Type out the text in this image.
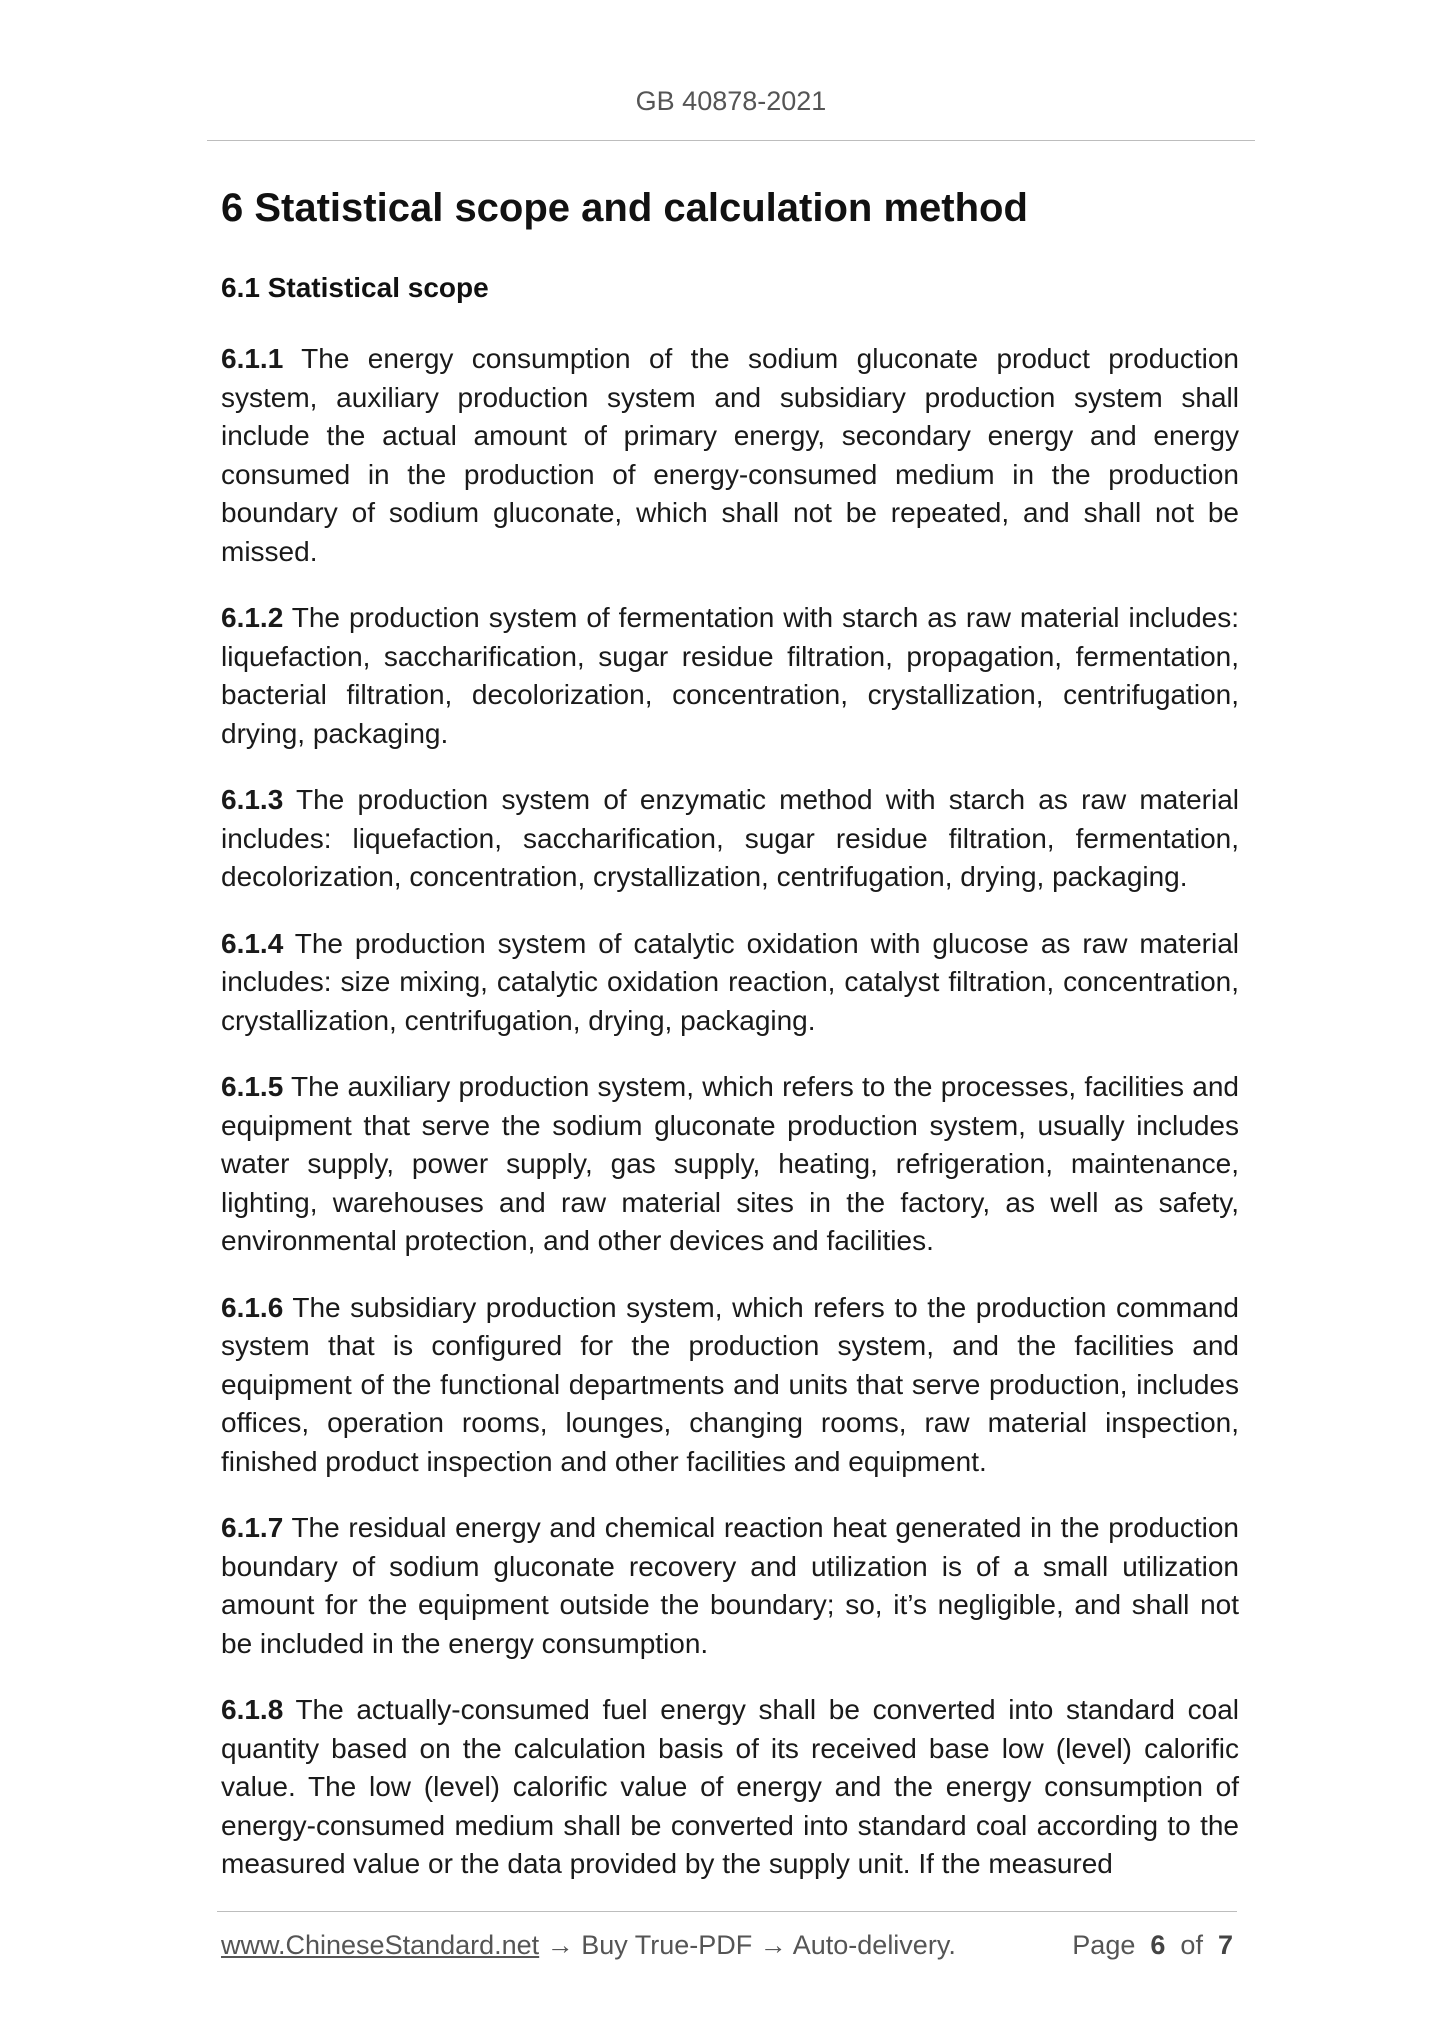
GB 40878-2021
6 Statistical scope and calculation method
6.1 Statistical scope

6.1.1 The energy consumption of the sodium gluconate product production system, auxiliary production system and subsidiary production system shall include the actual amount of primary energy, secondary energy and energy consumed in the production of energy-consumed medium in the production boundary of sodium gluconate, which shall not be repeated, and shall not be missed.

6.1.2 The production system of fermentation with starch as raw material includes: liquefaction, saccharification, sugar residue filtration, propagation, fermentation, bacterial filtration, decolorization, concentration, crystallization, centrifugation, drying, packaging.

6.1.3 The production system of enzymatic method with starch as raw material includes: liquefaction, saccharification, sugar residue filtration, fermentation, decolorization, concentration, crystallization, centrifugation, drying, packaging.

6.1.4 The production system of catalytic oxidation with glucose as raw material includes: size mixing, catalytic oxidation reaction, catalyst filtration, concentration, crystallization, centrifugation, drying, packaging.

6.1.5 The auxiliary production system, which refers to the processes, facilities and equipment that serve the sodium gluconate production system, usually includes water supply, power supply, gas supply, heating, refrigeration, maintenance, lighting, warehouses and raw material sites in the factory, as well as safety, environmental protection, and other devices and facilities.

6.1.6 The subsidiary production system, which refers to the production command system that is configured for the production system, and the facilities and equipment of the functional departments and units that serve production, includes offices, operation rooms, lounges, changing rooms, raw material inspection, finished product inspection and other facilities and equipment.

6.1.7 The residual energy and chemical reaction heat generated in the production boundary of sodium gluconate recovery and utilization is of a small utilization amount for the equipment outside the boundary; so, it’s negligible, and shall not be included in the energy consumption.

6.1.8 The actually-consumed fuel energy shall be converted into standard coal quantity based on the calculation basis of its received base low (level) calorific value. The low (level) calorific value of energy and the energy consumption of energy-consumed medium shall be converted into standard coal according to the measured value or the data provided by the supply unit. If the measured

www.ChineseStandard.net → Buy True-PDF → Auto-delivery.	Page 6 of 7
